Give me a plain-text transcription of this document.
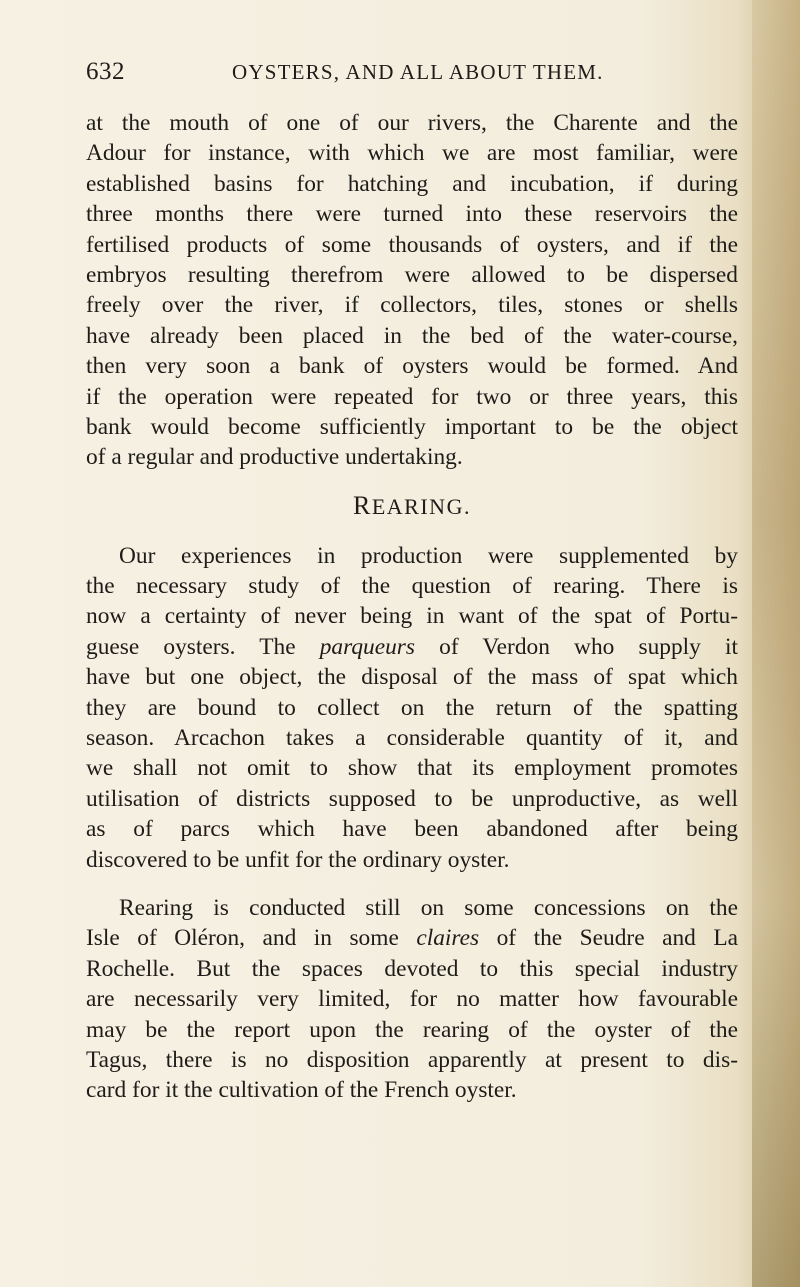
632	OYSTERS, AND ALL ABOUT THEM.
at the mouth of one of our rivers, the Charente and the
Adour for instance, with which we are most familiar, were
established basins for hatching and incubation, if during
three months there were turned into these reservoirs the
fertilised products of some thousands of oysters, and if the
embryos resulting therefrom were allowed to be dispersed
freely over the river, if collectors, tiles, stones or shells
have already been placed in the bed of the water-course,
then very soon a bank of oysters would be formed. And
if the operation were repeated for two or three years, this
bank would become sufficiently important to be the object
of a regular and productive undertaking.
REARING.
Our experiences in production were supplemented by
the necessary study of the question of rearing. There is
now a certainty of never being in want of the spat of Portu-
guese oysters. The parqueurs of Verdon who supply it
have but one object, the disposal of the mass of spat which
they are bound to collect on the return of the spatting
season. Arcachon takes a considerable quantity of it, and
we shall not omit to show that its employment promotes
utilisation of districts supposed to be unproductive, as well
as of parcs which have been abandoned after being
discovered to be unfit for the ordinary oyster.
Rearing is conducted still on some concessions on the
Isle of Oléron, and in some claires of the Seudre and La
Rochelle. But the spaces devoted to this special industry
are necessarily very limited, for no matter how favourable
may be the report upon the rearing of the oyster of the
Tagus, there is no disposition apparently at present to dis-
card for it the cultivation of the French oyster.
